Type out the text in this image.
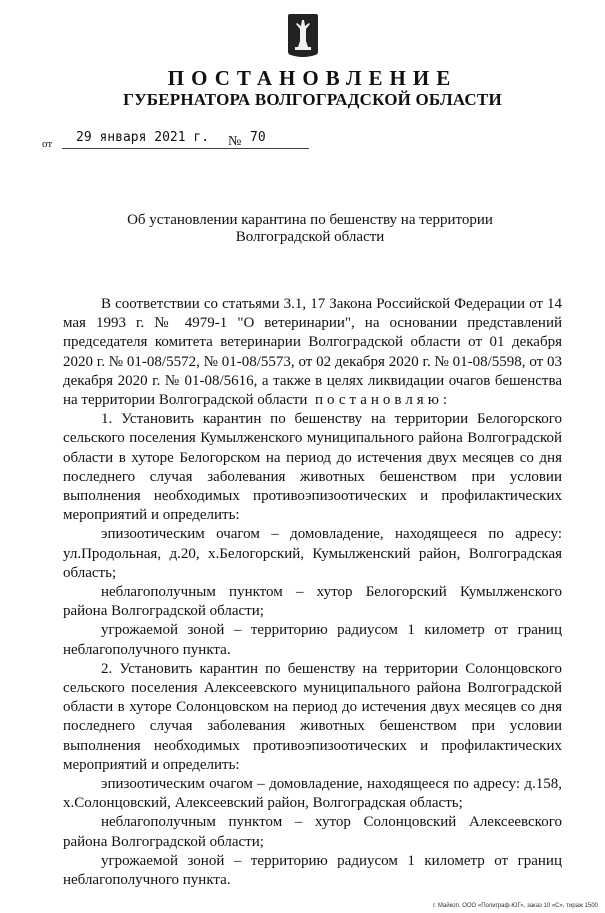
ПОСТАНОВЛЕНИЕ
ГУБЕРНАТОРА ВОЛГОГРАДСКОЙ ОБЛАСТИ
от 29 января 2021 г. № 70
Об установлении карантина по бешенству на территории
Волгоградской области

В соответствии со статьями 3.1, 17 Закона Российской Федерации от 14 мая 1993 г. № 4979-1 "О ветеринарии", на основании представлений председателя комитета ветеринарии Волгоградской области от 01 декабря 2020 г. № 01-08/5572, № 01-08/5573, от 02 декабря 2020 г. № 01-08/5598, от 03 декабря 2020 г. № 01-08/5616, а также в целях ликвидации очагов бешенства на территории Волгоградской области постановляю:

1. Установить карантин по бешенству на территории Белогорского сельского поселения Кумылженского муниципального района Волгоградской области в хуторе Белогорском на период до истечения двух месяцев со дня последнего случая заболевания животных бешенством при условии выполнения необходимых противоэпизоотических и профилактических мероприятий и определить:

эпизоотическим очагом – домовладение, находящееся по адресу: ул.Продольная, д.20, х.Белогорский, Кумылженский район, Волгоградская область;

неблагополучным пунктом – хутор Белогорский Кумылженского района Волгоградской области;

угрожаемой зоной – территорию радиусом 1 километр от границ неблагополучного пункта.

2. Установить карантин по бешенству на территории Солонцовского сельского поселения Алексеевского муниципального района Волгоградской области в хуторе Солонцовском на период до истечения двух месяцев со дня последнего случая заболевания животных бешенством при условии выполнения необходимых противоэпизоотических и профилактических мероприятий и определить:

эпизоотическим очагом – домовладение, находящееся по адресу: д.158, х.Солонцовский, Алексеевский район, Волгоградская область;

неблагополучным пунктом – хутор Солонцовский Алексеевского района Волгоградской области;

угрожаемой зоной – территорию радиусом 1 километр от границ неблагополучного пункта.

г. Майкоп. ООО «Полиграф-ЮГ», заказ 10 «С», тираж 1500
